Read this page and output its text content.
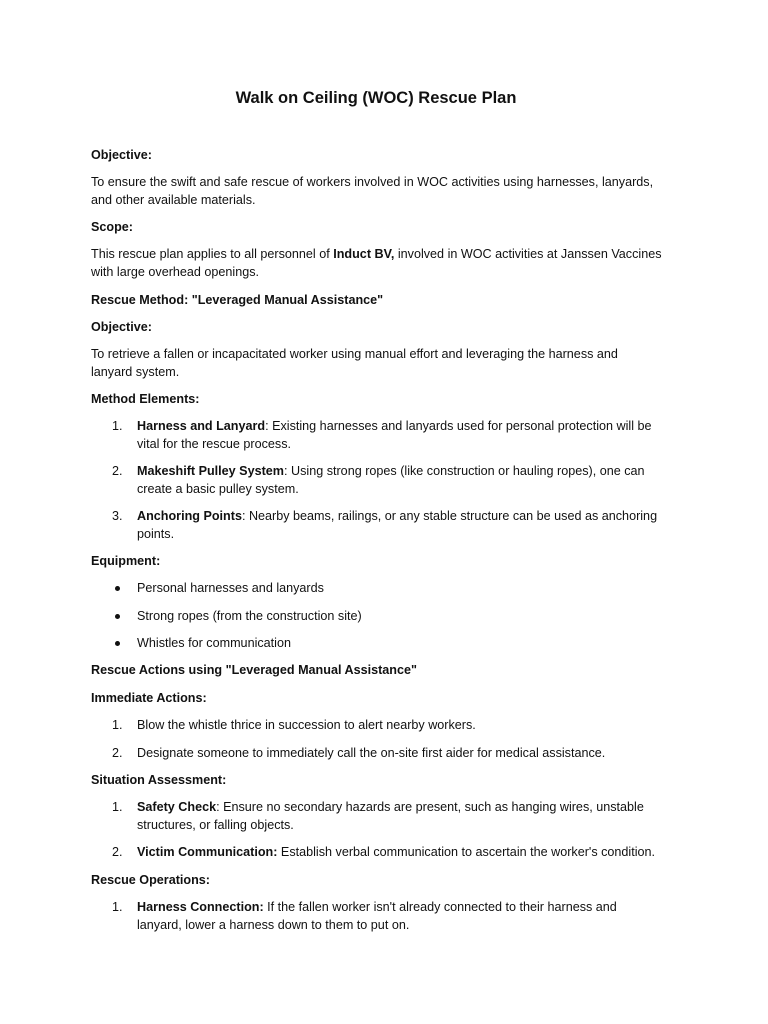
Walk on Ceiling (WOC) Rescue Plan
Objective:
To ensure the swift and safe rescue of workers involved in WOC activities using harnesses, lanyards,
and other available materials.
Scope:
This rescue plan applies to all personnel of Induct BV, involved in WOC activities at Janssen Vaccines
with large overhead openings.
Rescue Method: "Leveraged Manual Assistance"
Objective:
To retrieve a fallen or incapacitated worker using manual effort and leveraging the harness and
lanyard system.
Method Elements:
1.	Harness and Lanyard: Existing harnesses and lanyards used for personal protection will be
vital for the rescue process.
2.	Makeshift Pulley System: Using strong ropes (like construction or hauling ropes), one can
create a basic pulley system.
3.	Anchoring Points: Nearby beams, railings, or any stable structure can be used as anchoring
points.
Equipment:
Personal harnesses and lanyards
Strong ropes (from the construction site)
Whistles for communication
Rescue Actions using "Leveraged Manual Assistance"
Immediate Actions:
1.	Blow the whistle thrice in succession to alert nearby workers.
2.	Designate someone to immediately call the on-site first aider for medical assistance.
Situation Assessment:
1.	Safety Check: Ensure no secondary hazards are present, such as hanging wires, unstable
structures, or falling objects.
2.	Victim Communication: Establish verbal communication to ascertain the worker's condition.
Rescue Operations:
1.	Harness Connection: If the fallen worker isn't already connected to their harness and
lanyard, lower a harness down to them to put on.
